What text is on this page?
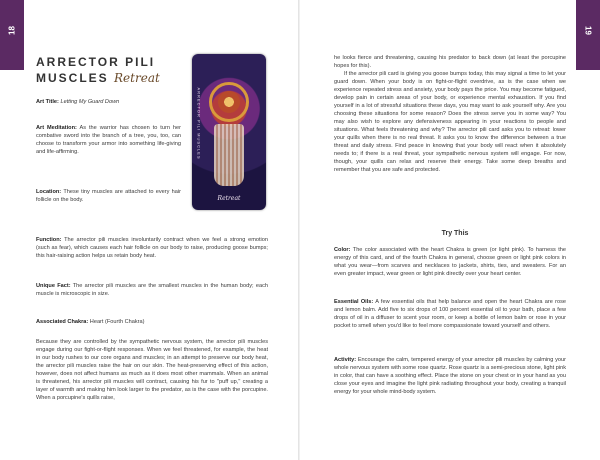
18
ARRECTOR PILI
MUSCLES Retreat
Art Title: Letting My Guard Down
Art Meditation: As the warrior has chosen to turn her combative sword into the branch of a tree, you, too, can choose to transform your armor into something life-giving and life-affirming.
Location: These tiny muscles are attached to every hair follicle on the body.
Function: The arrector pili muscles involuntarily contract when we feel a strong emotion (such as fear), which causes each hair follicle on our body to raise, producing goose bumps; this hair-raising action helps us retain body heat.
Unique Fact: The arrector pili muscles are the smallest muscles in the human body; each muscle is microscopic in size.
Associated Chakra: Heart (Fourth Chakra)
Because they are controlled by the sympathetic nervous system, the arrector pili muscles engage during our fight-or-flight responses. When we feel threatened, for example, the heat in our body rushes to our core organs and muscles; in an attempt to preserve our body heat, the arrector pili muscles raise the hair on our skin. The heat-preserving effect of this action, however, does not affect humans as much as it does most other mammals. When an animal is threatened, his arrector pili muscles will contract, causing his fur to "puff up," creating a layer of warmth and making him look larger to the predator, as is the case with the porcupine. When a porcupine's quills raise,
ARRECTOR PILI MUSCLES
Retreat
19
he looks fierce and threatening, causing his predator to back down (at least the porcupine hopes for this).
If the arrector pili card is giving you goose bumps today, this may signal a time to let your guard down. When your body is on fight-or-flight overdrive, as is the case when we experience repeated stress and anxiety, your body pays the price. You may become fatigued, develop pain in certain areas of your body, or experience mental exhaustion. If you find yourself in a lot of stressful situations these days, you may want to ask yourself why. Are you choosing these situations for some reason? Does the stress serve you in some way? You may also wish to explore any defensiveness appearing in your reactions to people and situations. What feels threatening and why? The arrector pili card asks you to retreat: lower your quills when there is no real threat. It asks you to know the difference between a true threat and daily stress. Find peace in knowing that your body will react when it absolutely needs to; if there is a real threat, your sympathetic nervous system will engage. For now, though, your quills can relax and reserve their energy. Take some deep breaths and remember that you are safe and protected.
Try This
Color: The color associated with the heart Chakra is green (or light pink). To harness the energy of this card, and of the fourth Chakra in general, choose green or light pink colors in what you wear—from scarves and necklaces to jackets, shirts, ties, and sweaters. For an even greater impact, wear green or light pink directly over your heart center.
Essential Oils: A few essential oils that help balance and open the heart Chakra are rose and lemon balm. Add five to six drops of 100 percent essential oil to your bath, place a few drops of oil in a diffuser to scent your room, or keep a bottle of lemon balm or rose in your pocket to smell when you'd like to feel more compassionate toward yourself and others.
Activity: Encourage the calm, tempered energy of your arrector pili muscles by calming your whole nervous system with some rose quartz. Rose quartz is a semi-precious stone, light pink in color, that can have a soothing effect. Place the stone on your chest or in your hand as you close your eyes and imagine the light pink radiating throughout your body, creating a tranquil energy for your whole mind-body system.
